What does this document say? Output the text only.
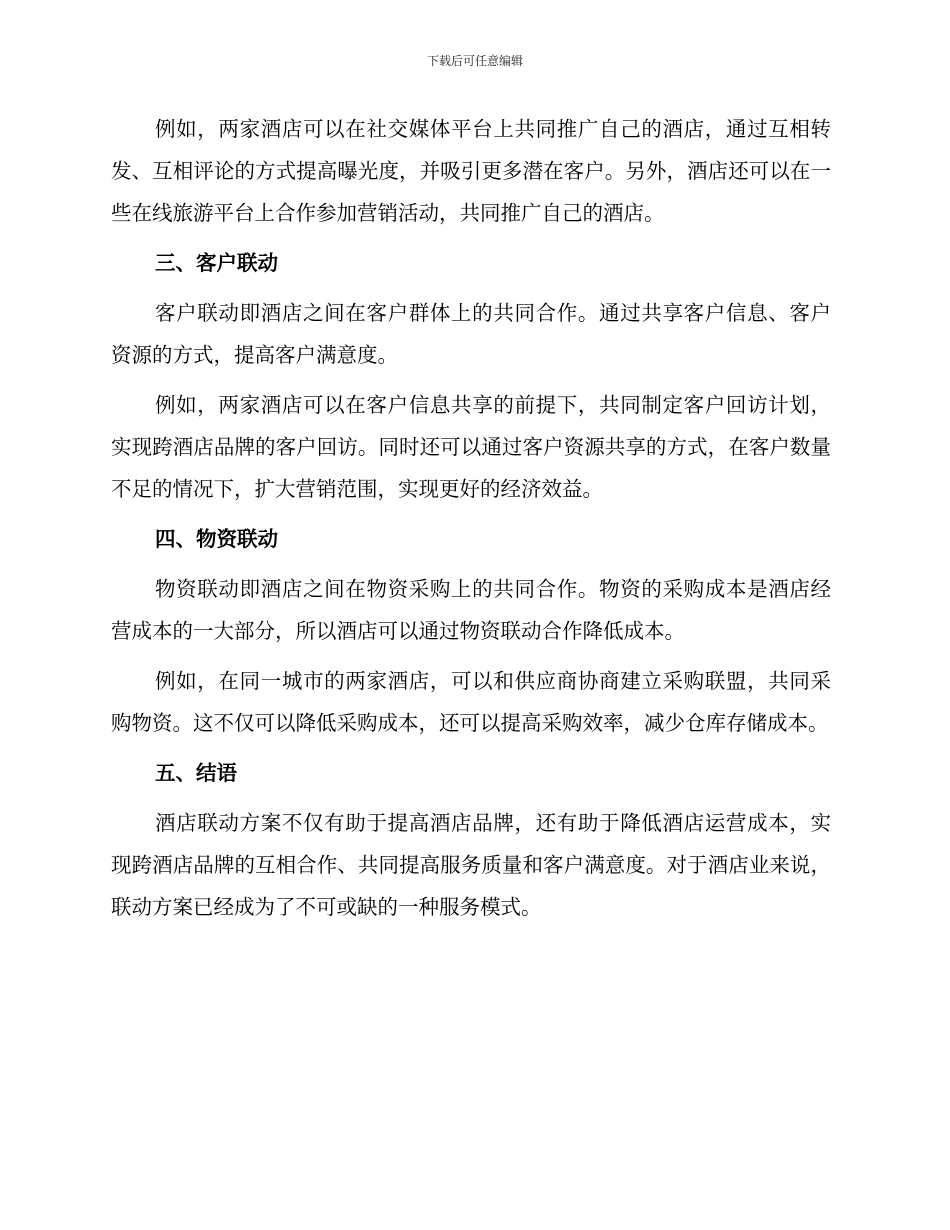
下载后可任意编辑

例如，两家酒店可以在社交媒体平台上共同推广自己的酒店，通过互相转发、互相评论的方式提高曝光度，并吸引更多潜在客户。另外，酒店还可以在一些在线旅游平台上合作参加营销活动，共同推广自己的酒店。

三、客户联动

客户联动即酒店之间在客户群体上的共同合作。通过共享客户信息、客户资源的方式，提高客户满意度。

例如，两家酒店可以在客户信息共享的前提下，共同制定客户回访计划，实现跨酒店品牌的客户回访。同时还可以通过客户资源共享的方式，在客户数量不足的情况下，扩大营销范围，实现更好的经济效益。

四、物资联动

物资联动即酒店之间在物资采购上的共同合作。物资的采购成本是酒店经营成本的一大部分，所以酒店可以通过物资联动合作降低成本。

例如，在同一城市的两家酒店，可以和供应商协商建立采购联盟，共同采购物资。这不仅可以降低采购成本，还可以提高采购效率，减少仓库存储成本。

五、结语

酒店联动方案不仅有助于提高酒店品牌，还有助于降低酒店运营成本，实现跨酒店品牌的互相合作、共同提高服务质量和客户满意度。对于酒店业来说，联动方案已经成为了不可或缺的一种服务模式。
